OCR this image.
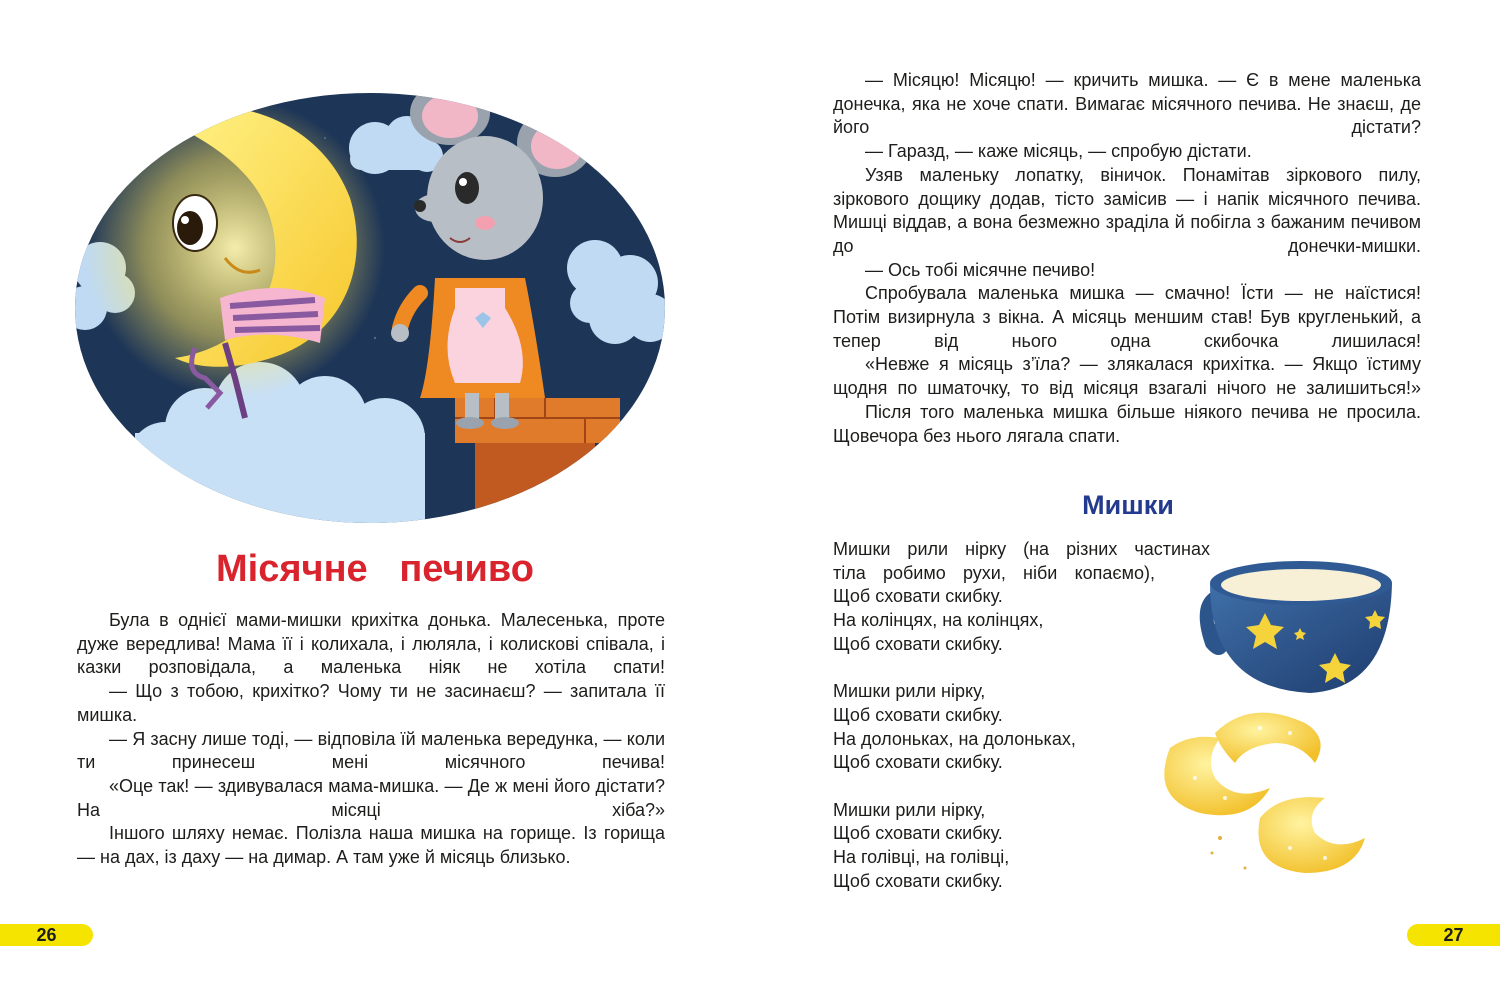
Місячне   печиво

Була в однієї мами-мишки крихітка донька. Малесенька, проте дуже вередлива! Мама її і колихала, і люляла, і колискові співала, і казки розповідала, а маленька ніяк не хотіла спати!

— Що з тобою, крихітко? Чому ти не засинаєш? — запитала її мишка.

— Я засну лише тоді, — відповіла їй маленька вередунка, — коли ти принесеш мені місячного печива!

«Оце так! — здивувалася мама-мишка. — Де ж мені його дістати? На місяці хіба?»

Іншого шляху немає. Полізла наша мишка на горище. Із горища — на дах, із даху — на димар. А там уже й місяць близько.

26

— Місяцю! Місяцю! — кричить мишка. — Є в мене маленька донечка, яка не хоче спати. Вимагає місячного печива. Не знаєш, де його дістати?

— Гаразд, — каже місяць, — спробую дістати.

Узяв маленьку лопатку, віничок. Понамітав зіркового пилу, зіркового дощику додав, тісто замісив — і напік місячного печива. Мишці віддав, а вона безмежно зраділа й побігла з бажаним печивом до донечки-мишки.

— Ось тобі місячне печиво!

Спробувала маленька мишка — смачно! Їсти — не наїстися! Потім визирнула з вікна. А місяць меншим став! Був кругленький, а тепер від нього одна скибочка лишилася!

«Невже я місяць з’їла? — злякалася крихітка. — Якщо їстиму щодня по шматочку, то від місяця взагалі нічого не залишиться!»

Після того маленька мишка більше ніякого печива не просила. Щовечора без нього лягала спати.

Мишки
Мишки рили нірку (на різних частинах
тіла робимо рухи, ніби копаємо),
Щоб сховати скибку.
На колінцях, на колінцях,
Щоб сховати скибку.
Мишки рили нірку,
Щоб сховати скибку.
На долоньках, на долоньках,
Щоб сховати скибку.
Мишки рили нірку,
Щоб сховати скибку.
На голівці, на голівці,
Щоб сховати скибку.
27
